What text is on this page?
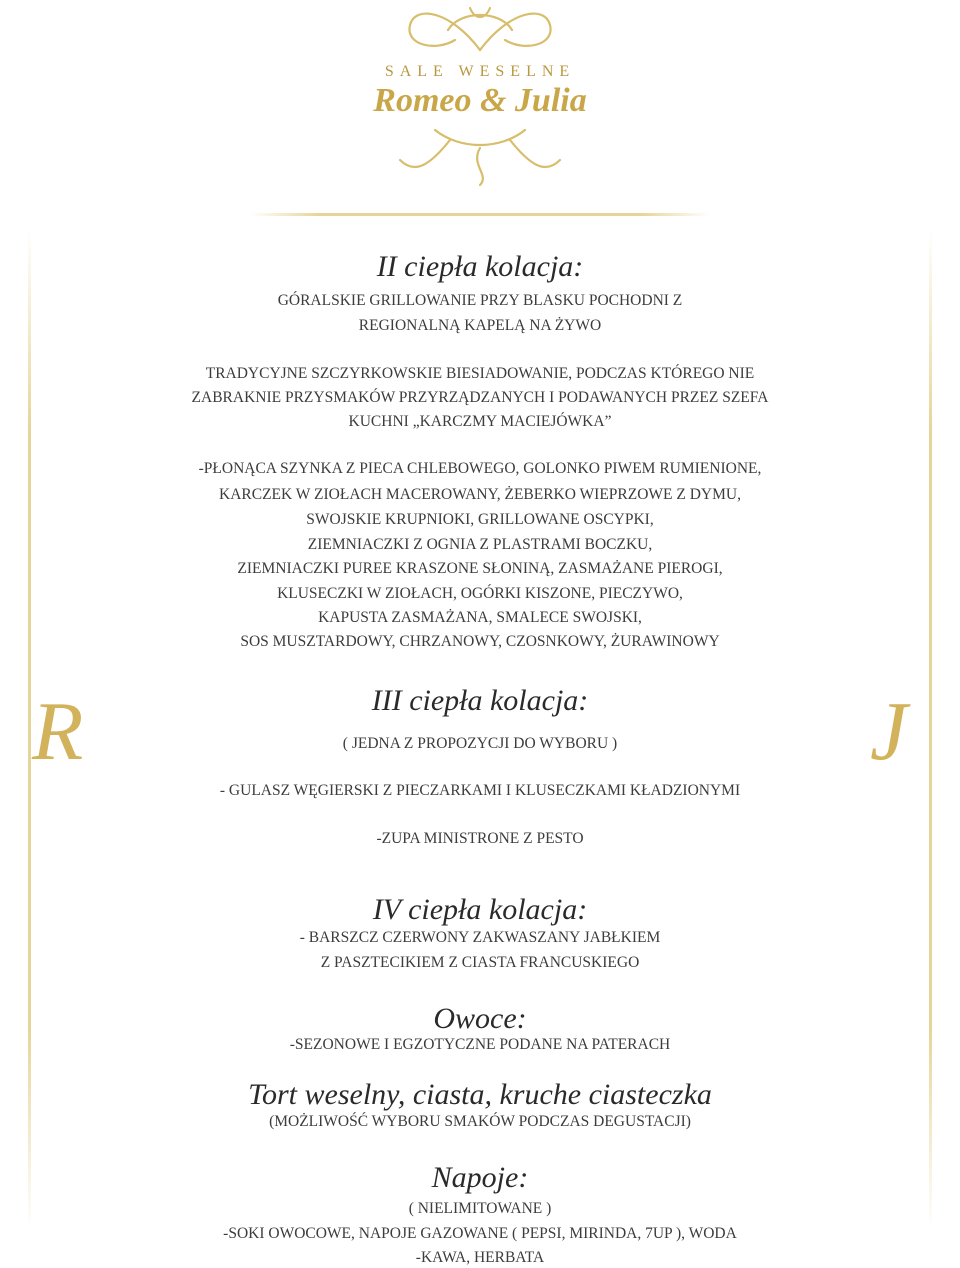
SALE WESELNE
Romeo & Julia
R	J
II ciepła kolacja:
GÓRALSKIE GRILLOWANIE PRZY BLASKU POCHODNI Z
REGIONALNĄ KAPELĄ NA ŻYWO
TRADYCYJNE SZCZYRKOWSKIE BIESIADOWANIE, PODCZAS KTÓREGO NIE
ZABRAKNIE PRZYSMAKÓW PRZYRZĄDZANYCH I PODAWANYCH PRZEZ SZEFA
KUCHNI „KARCZMY MACIEJÓWKA”
-PŁONĄCA SZYNKA Z PIECA CHLEBOWEGO, GOLONKO PIWEM RUMIENIONE,
KARCZEK W ZIOŁACH MACEROWANY, ŻEBERKO WIEPRZOWE Z DYMU,
SWOJSKIE KRUPNIOKI, GRILLOWANE OSCYPKI,
ZIEMNIACZKI Z OGNIA Z PLASTRAMI BOCZKU,
ZIEMNIACZKI PUREE KRASZONE SŁONINĄ, ZASMAŻANE PIEROGI,
KLUSECZKI W ZIOŁACH, OGÓRKI KISZONE, PIECZYWO,
KAPUSTA ZASMAŻANA, SMALECE SWOJSKI,
SOS MUSZTARDOWY, CHRZANOWY, CZOSNKOWY, ŻURAWINOWY
III ciepła kolacja:
( JEDNA Z PROPOZYCJI DO WYBORU )
- GULASZ WĘGIERSKI Z PIECZARKAMI I KLUSECZKAMI KŁADZIONYMI
-ZUPA MINISTRONE Z PESTO
IV ciepła kolacja:
- BARSZCZ CZERWONY ZAKWASZANY JABŁKIEM
Z PASZTECIKIEM Z CIASTA FRANCUSKIEGO
Owoce:
-SEZONOWE I EGZOTYCZNE PODANE NA PATERACH
Tort weselny, ciasta, kruche ciasteczka
(MOŻLIWOŚĆ WYBORU SMAKÓW PODCZAS DEGUSTACJI)
Napoje:
( NIELIMITOWANE )
-SOKI OWOCOWE, NAPOJE GAZOWANE ( PEPSI, MIRINDA, 7UP ), WODA
-KAWA, HERBATA
